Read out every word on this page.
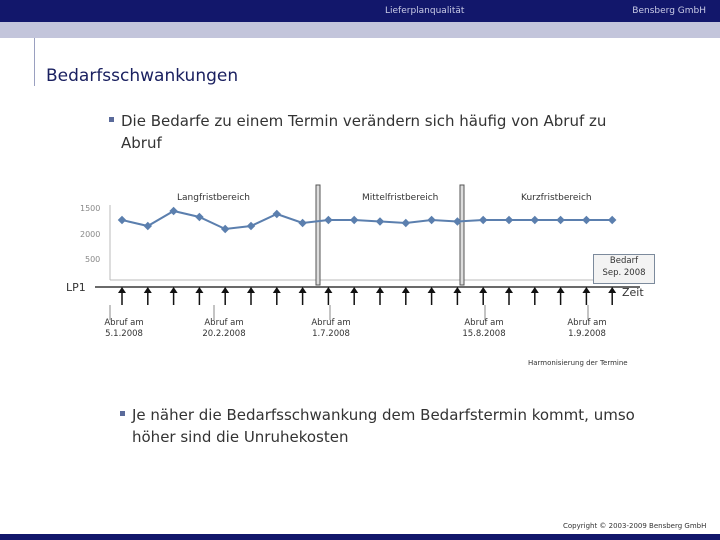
Lieferplanqualität	Bensberg GmbH
Bedarfsschwankungen
Die Bedarfe zu einem Termin verändern sich häufig von Abruf zu
Abruf
Langfristbereich	Mittelfristbereich	Kurzfristbereich
1500
2000
500
LP1
Bedarf
Sep. 2008
Zeit
Abruf am
5.1.2008
Abruf am
20.2.2008
Abruf am
1.7.2008
Abruf am
15.8.2008
Abruf am
1.9.2008
Harmonisierung der Termine
Je näher die Bedarfsschwankung dem Bedarfstermin kommt, umso
höher sind die Unruhekosten
Copyright © 2003-2009 Bensberg GmbH
